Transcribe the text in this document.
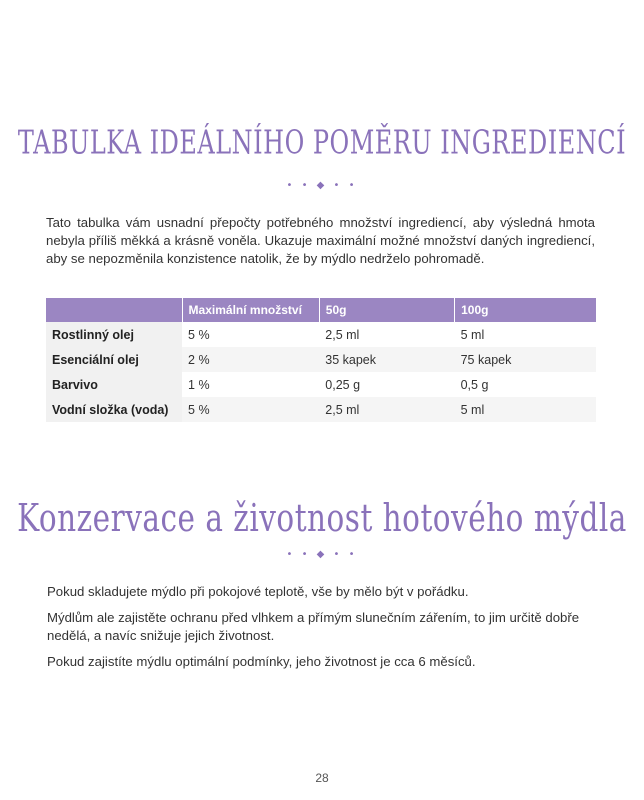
TABULKA IDEÁLNÍHO POMĚRU INGREDIENCÍ
• • ◆ • •

Tato tabulka vám usnadní přepočty potřebného množství ingrediencí, aby výsledná hmota nebyla příliš měkká a krásně voněla. Ukazuje maximální možné množství daných ingrediencí, aby se nepozměnila konzistence natolik, že by mýdlo nedrželo pohromadě.

	Maximální množství	50g	100g
Rostlinný olej	5 %	2,5 ml	5 ml
Esenciální olej	2 %	35 kapek	75 kapek
Barvivo	1 %	0,25 g	0,5 g
Vodní složka (voda)	5 %	2,5 ml	5 ml
Konzervace a životnost hotového mýdla
• • ◆ • •

Pokud skladujete mýdlo při pokojové teplotě, vše by mělo být v pořádku.

Mýdlům ale zajistěte ochranu před vlhkem a přímým slunečním zářením, to jim určitě dobře nedělá, a navíc snižuje jejich životnost.

Pokud zajistíte mýdlu optimální podmínky, jeho životnost je cca 6 měsíců.

28
